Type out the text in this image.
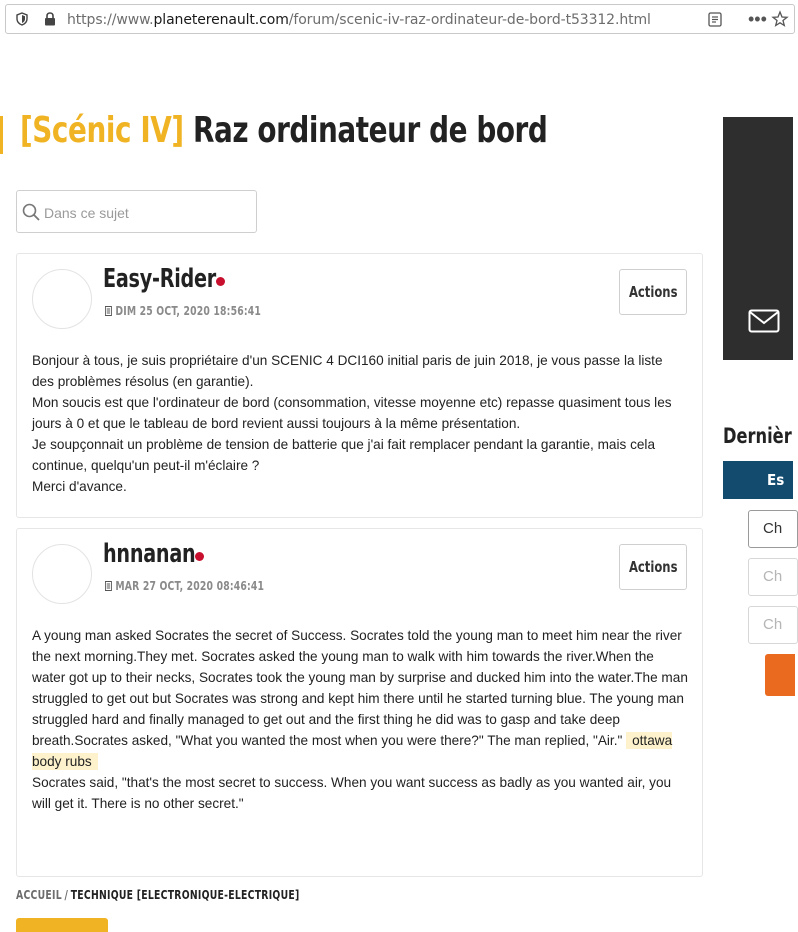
https://www.planeterenault.com/forum/scenic-iv-raz-ordinateur-de-bord-t53312.html	•••
[Scénic IV] Raz ordinateur de bord
Dans ce sujet
Easy-Rider
DIM 25 OCT, 2020 18:56:41
Actions

Bonjour à tous, je suis propriétaire d'un SCENIC 4 DCI160 initial paris de juin 2018, je vous passe la liste des problèmes résolus (en garantie).

Mon soucis est que l'ordinateur de bord (consommation, vitesse moyenne etc) repasse quasiment tous les jours à 0 et que le tableau de bord revient aussi toujours à la même présentation.

Je soupçonnait un problème de tension de batterie que j'ai fait remplacer pendant la garantie, mais cela continue, quelqu'un peut-il m'éclaire ?

Merci d'avance.

hnnanan
MAR 27 OCT, 2020 08:46:41
Actions

A young man asked Socrates the secret of Success. Socrates told the young man to meet him near the river

the next morning.They met. Socrates asked the young man to walk with him towards the river.When the water got up to their necks, Socrates took the young man by surprise and ducked him into the water.The man struggled to get out but Socrates was strong and kept him there until he started turning blue. The young man struggled hard and finally managed to get out and the first thing he did was to gasp and take deep breath.Socrates asked, "What you wanted the most when you were there?" The man replied, "Air." ottawa body rubs

Socrates said, "that's the most secret to success. When you want success as badly as you wanted air, you

will get it. There is no other secret."

ACCUEIL / TECHNIQUE [ELECTRONIQUE-ELECTRIQUE]
Dernièr
Es
Ch
Ch
Ch
